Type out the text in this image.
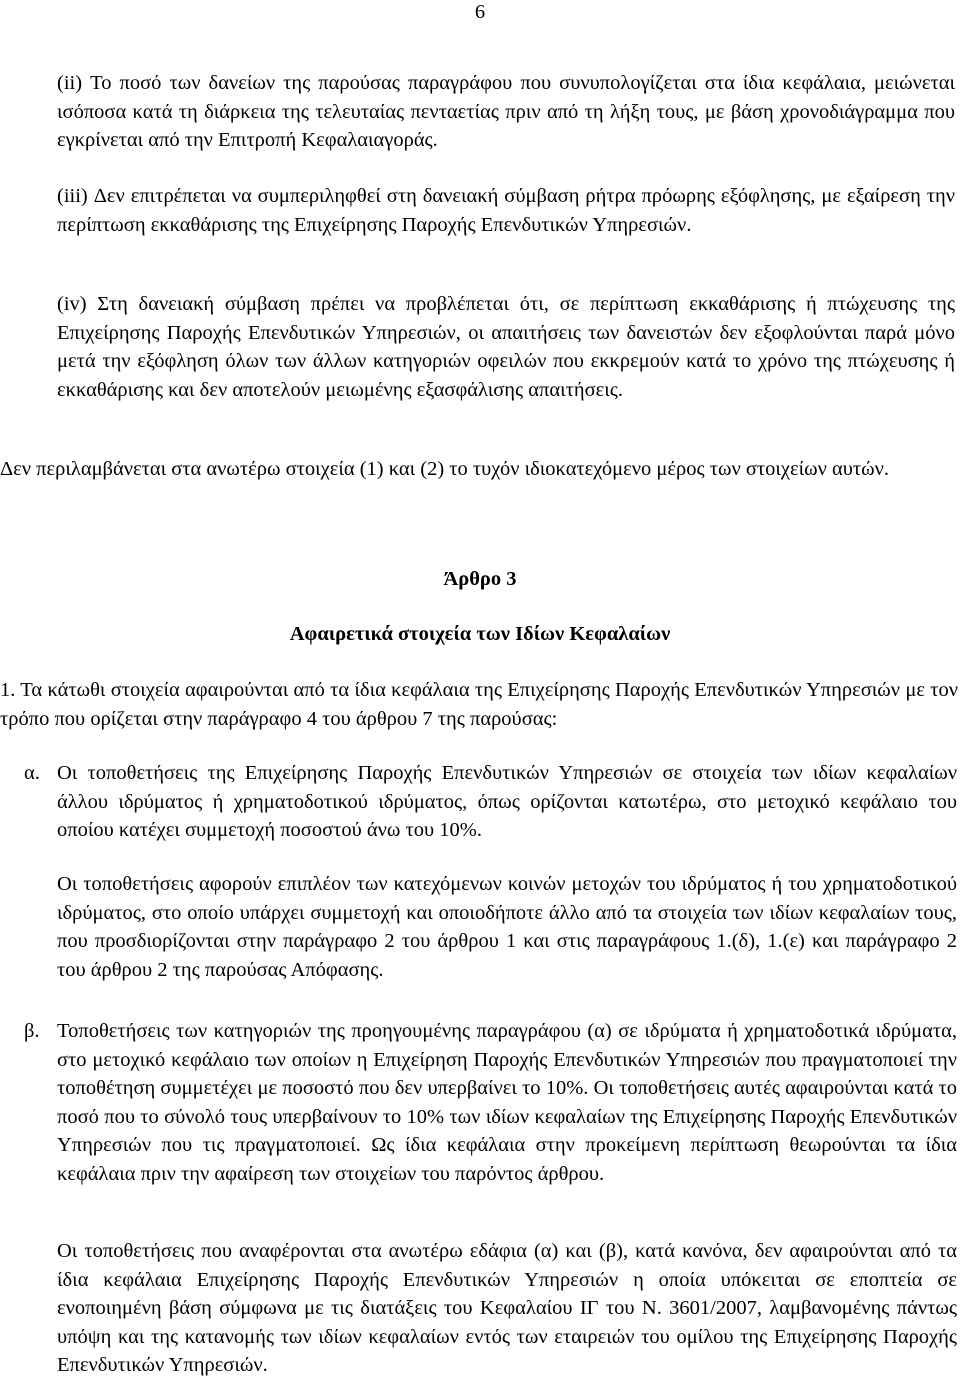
6

(ii) Το ποσό των δανείων της παρούσας παραγράφου που συνυπολογίζεται στα ίδια κεφάλαια, μειώνεται ισόποσα κατά τη διάρκεια της τελευταίας πενταετίας πριν από τη λήξη τους, με βάση χρονοδιάγραμμα που εγκρίνεται από την Επιτροπή Κεφαλαιαγοράς.

(iii) Δεν επιτρέπεται να συμπεριληφθεί στη δανειακή σύμβαση ρήτρα πρόωρης εξόφλησης, με εξαίρεση την περίπτωση εκκαθάρισης της Επιχείρησης Παροχής Επενδυτικών Υπηρεσιών.

(iv) Στη δανειακή σύμβαση πρέπει να προβλέπεται ότι, σε περίπτωση εκκαθάρισης ή πτώχευσης της Επιχείρησης Παροχής Επενδυτικών Υπηρεσιών, οι απαιτήσεις των δανειστών δεν εξοφλούνται παρά μόνο μετά την εξόφληση όλων των άλλων κατηγοριών οφειλών που εκκρεμούν κατά το χρόνο της πτώχευσης ή εκκαθάρισης και δεν αποτελούν μειωμένης εξασφάλισης απαιτήσεις.

Δεν περιλαμβάνεται στα ανωτέρω στοιχεία (1) και (2) το τυχόν ιδιοκατεχόμενο μέρος των στοιχείων αυτών.

Άρθρο 3
Αφαιρετικά στοιχεία των Ιδίων Κεφαλαίων

1. Τα κάτωθι στοιχεία αφαιρούνται από τα ίδια κεφάλαια της Επιχείρησης Παροχής Επενδυτικών Υπηρεσιών με τον τρόπο που ορίζεται στην παράγραφο 4 του άρθρου 7 της παρούσας:

α. Οι τοποθετήσεις της Επιχείρησης Παροχής Επενδυτικών Υπηρεσιών σε στοιχεία των ιδίων κεφαλαίων άλλου ιδρύματος ή χρηματοδοτικού ιδρύματος, όπως ορίζονται κατωτέρω, στο μετοχικό κεφάλαιο του οποίου κατέχει συμμετοχή ποσοστού άνω του 10%.

Οι τοποθετήσεις αφορούν επιπλέον των κατεχόμενων κοινών μετοχών του ιδρύματος ή του χρηματοδοτικού ιδρύματος, στο οποίο υπάρχει συμμετοχή και οποιοδήποτε άλλο από τα στοιχεία των ιδίων κεφαλαίων τους, που προσδιορίζονται στην παράγραφο 2 του άρθρου 1 και στις παραγράφους 1.(δ), 1.(ε) και παράγραφο 2 του άρθρου 2 της παρούσας Απόφασης.

β. Τοποθετήσεις των κατηγοριών της προηγουμένης παραγράφου (α) σε ιδρύματα ή χρηματοδοτικά ιδρύματα, στο μετοχικό κεφάλαιο των οποίων η Επιχείρηση Παροχής Επενδυτικών Υπηρεσιών που πραγματοποιεί την τοποθέτηση συμμετέχει με ποσοστό που δεν υπερβαίνει το 10%. Οι τοποθετήσεις αυτές αφαιρούνται κατά το ποσό που το σύνολό τους υπερβαίνουν το 10% των ιδίων κεφαλαίων της Επιχείρησης Παροχής Επενδυτικών Υπηρεσιών που τις πραγματοποιεί. Ως ίδια κεφάλαια στην προκείμενη περίπτωση θεωρούνται τα ίδια κεφάλαια πριν την αφαίρεση των στοιχείων του παρόντος άρθρου.

Οι τοποθετήσεις που αναφέρονται στα ανωτέρω εδάφια (α) και (β), κατά κανόνα, δεν αφαιρούνται από τα ίδια κεφάλαια Επιχείρησης Παροχής Επενδυτικών Υπηρεσιών η οποία υπόκειται σε εποπτεία σε ενοποιημένη βάση σύμφωνα με τις διατάξεις του Κεφαλαίου ΙΓ του Ν. 3601/2007, λαμβανομένης πάντως υπόψη και της κατανομής των ιδίων κεφαλαίων εντός των εταιρειών του ομίλου της Επιχείρησης Παροχής Επενδυτικών Υπηρεσιών.
